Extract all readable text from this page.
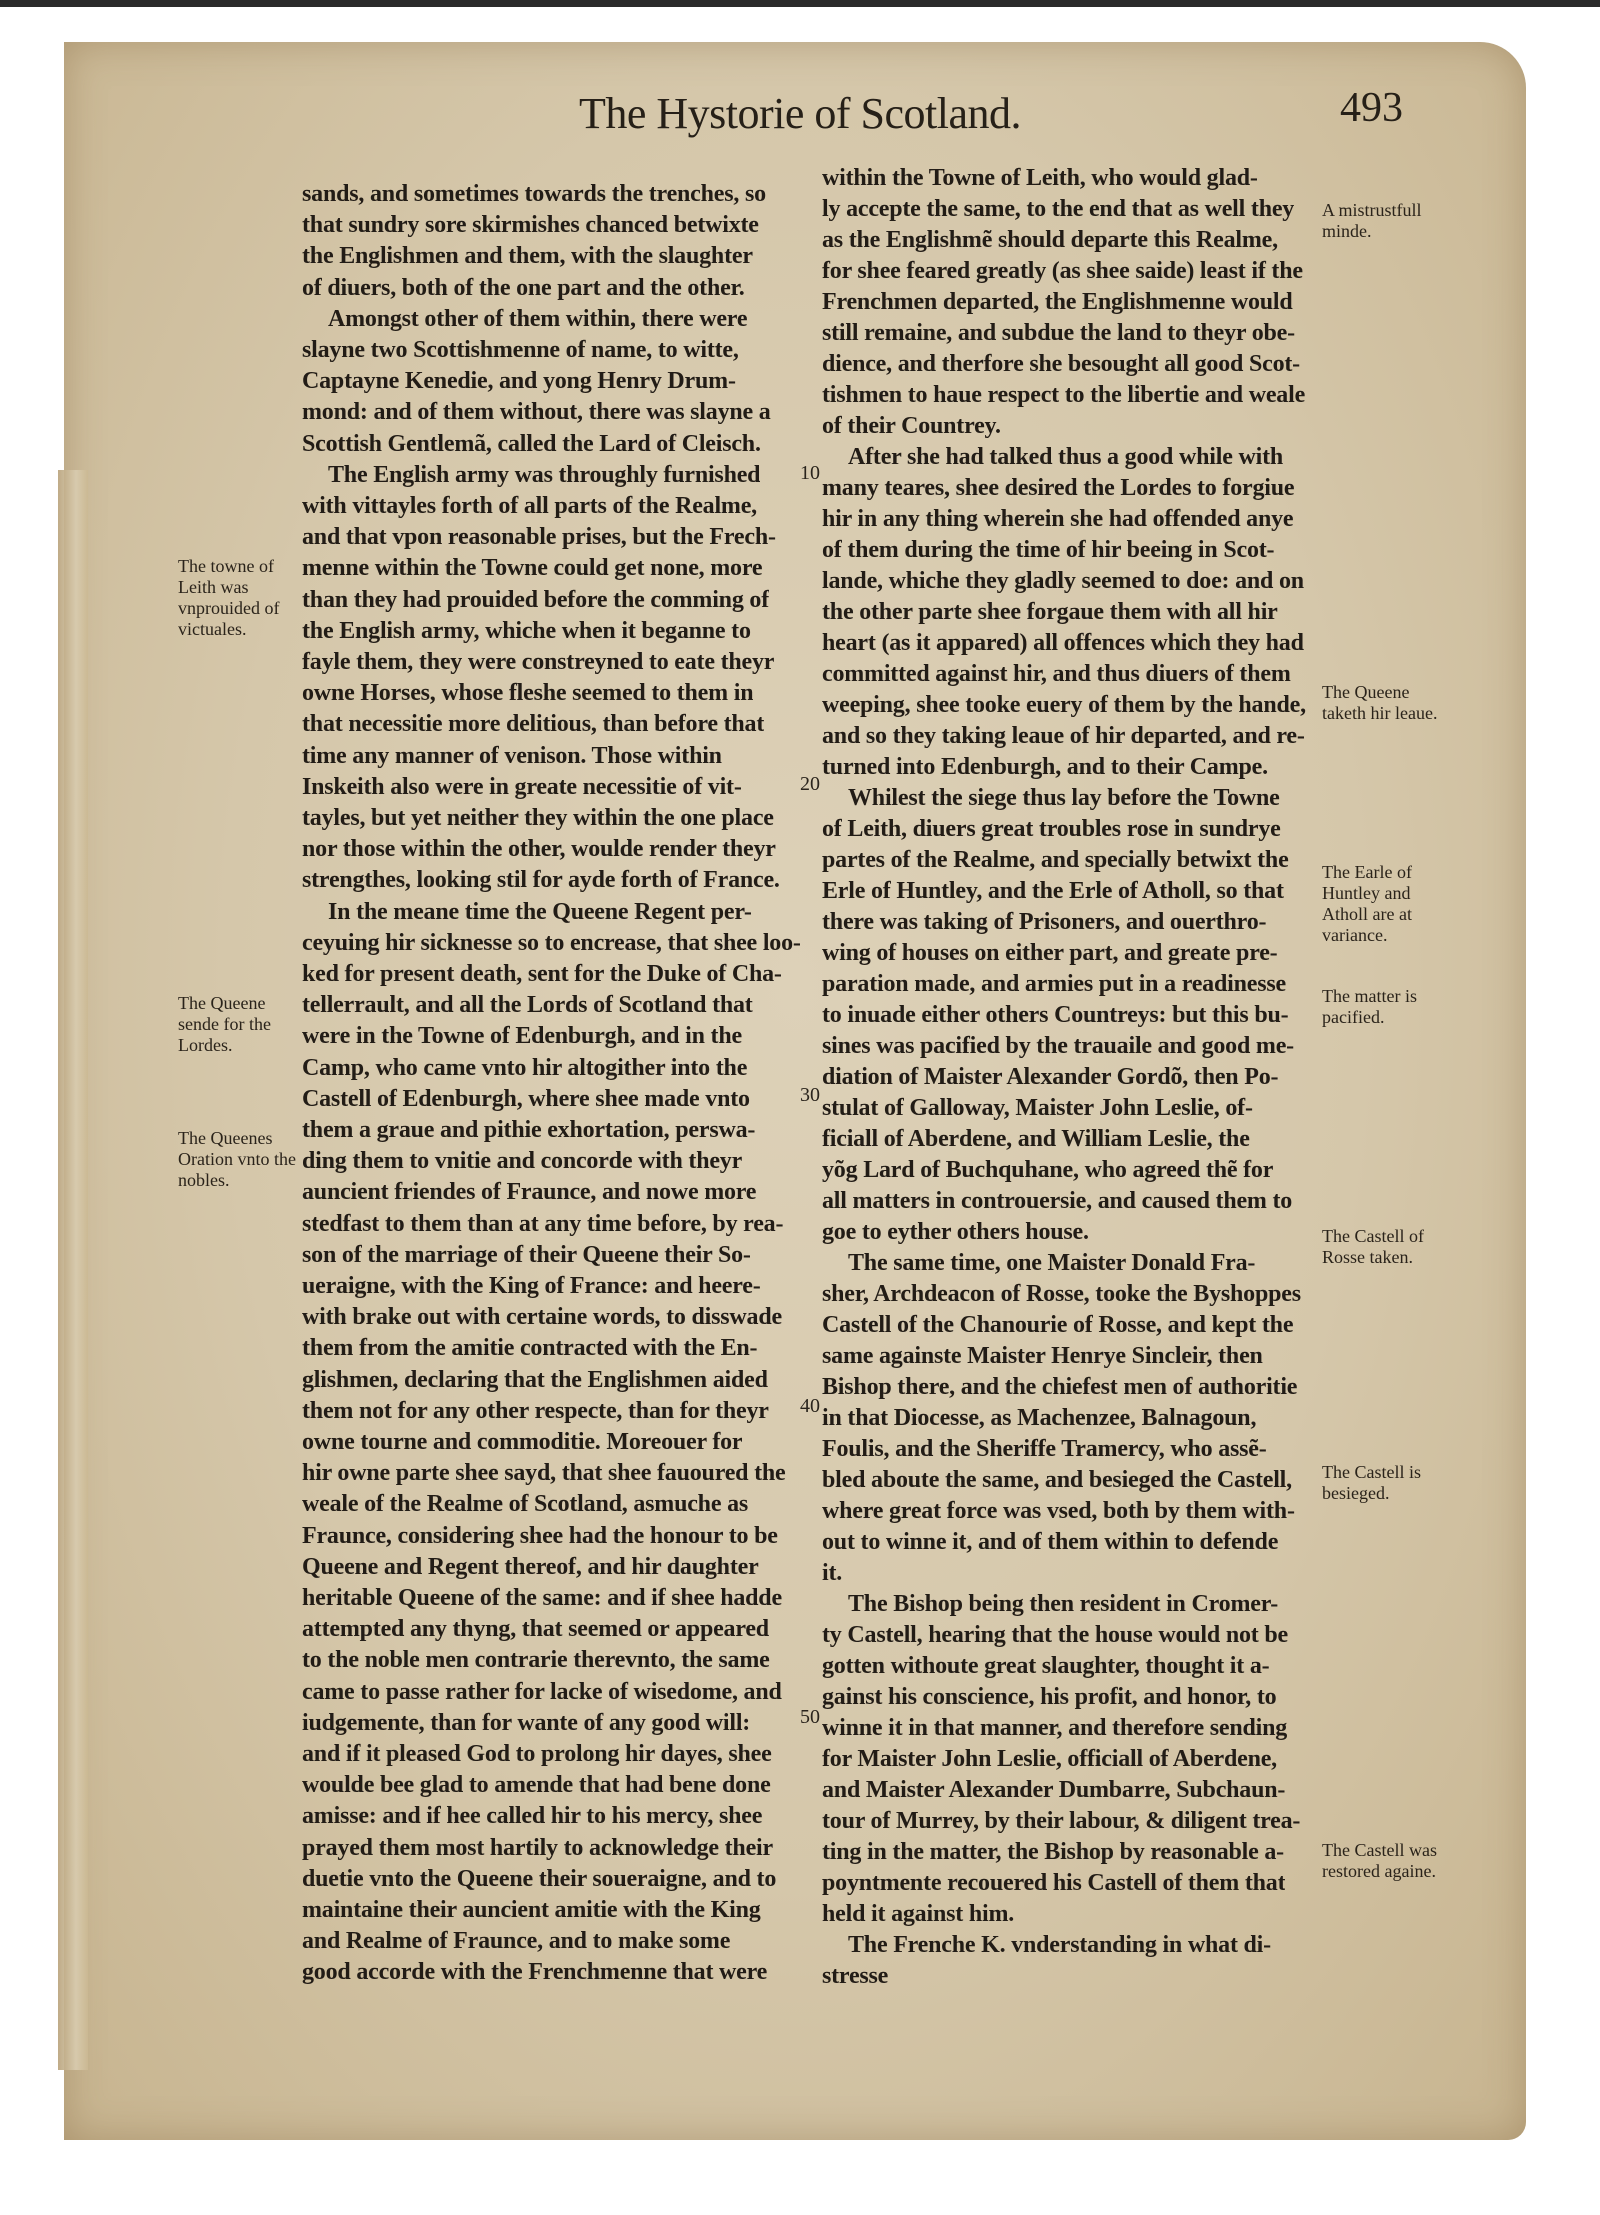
The Hystorie of Scotland.	493
sands, and sometimes towards the trenches, so
that sundry sore skirmishes chanced betwixte
the Englishmen and them, with the slaughter
of diuers, both of the one part and the other.
Amongst other of them within, there were
slayne two Scottishmenne of name, to witte,
Captayne Kenedie, and yong Henry Drum-
mond: and of them without, there was slayne a
Scottish Gentlemã, called the Lard of Cleisch.
The English army was throughly furnished
with vittayles forth of all parts of the Realme,
and that vpon reasonable prises, but the Frech-
menne within the Towne could get none, more
than they had prouided before the comming of
the English army, whiche when it beganne to
fayle them, they were constreyned to eate theyr
owne Horses, whose fleshe seemed to them in
that necessitie more delitious, than before that
time any manner of venison. Those within
Inskeith also were in greate necessitie of vit-
tayles, but yet neither they within the one place
nor those within the other, woulde render theyr
strengthes, looking stil for ayde forth of France.
In the meane time the Queene Regent per-
ceyuing hir sicknesse so to encrease, that shee loo-
ked for present death, sent for the Duke of Cha-
tellerrault, and all the Lords of Scotland that
were in the Towne of Edenburgh, and in the
Camp, who came vnto hir altogither into the
Castell of Edenburgh, where shee made vnto
them a graue and pithie exhortation, perswa-
ding them to vnitie and concorde with theyr
auncient friendes of Fraunce, and nowe more
stedfast to them than at any time before, by rea-
son of the marriage of their Queene their So-
ueraigne, with the King of France: and heere-
with brake out with certaine words, to disswade
them from the amitie contracted with the En-
glishmen, declaring that the Englishmen aided
them not for any other respecte, than for theyr
owne tourne and commoditie. Moreouer for
hir owne parte shee sayd, that shee fauoured the
weale of the Realme of Scotland, asmuche as
Fraunce, considering shee had the honour to be
Queene and Regent thereof, and hir daughter
heritable Queene of the same: and if shee hadde
attempted any thyng, that seemed or appeared
to the noble men contrarie therevnto, the same
came to passe rather for lacke of wisedome, and
iudgemente, than for wante of any good will:
and if it pleased God to prolong hir dayes, shee
woulde bee glad to amende that had bene done
amisse: and if hee called hir to his mercy, shee
prayed them most hartily to acknowledge their
duetie vnto the Queene their soueraigne, and to
maintaine their auncient amitie with the King
and Realme of Fraunce, and to make some
good accorde with the Frenchmenne that were
within the Towne of Leith, who would glad-
ly accepte the same, to the end that as well they
as the Englishmẽ should departe this Realme,
for shee feared greatly (as shee saide) least if the
Frenchmen departed, the Englishmenne would
still remaine, and subdue the land to theyr obe-
dience, and therfore she besought all good Scot-
tishmen to haue respect to the libertie and weale
of their Countrey.
After she had talked thus a good while with
many teares, shee desired the Lordes to forgiue
hir in any thing wherein she had offended anye
of them during the time of hir beeing in Scot-
lande, whiche they gladly seemed to doe: and on
the other parte shee forgaue them with all hir
heart (as it appared) all offences which they had
committed against hir, and thus diuers of them
weeping, shee tooke euery of them by the hande,
and so they taking leaue of hir departed, and re-
turned into Edenburgh, and to their Campe.
Whilest the siege thus lay before the Towne
of Leith, diuers great troubles rose in sundrye
partes of the Realme, and specially betwixt the
Erle of Huntley, and the Erle of Atholl, so that
there was taking of Prisoners, and ouerthro-
wing of houses on either part, and greate pre-
paration made, and armies put in a readinesse
to inuade either others Countreys: but this bu-
sines was pacified by the trauaile and good me-
diation of Maister Alexander Gordõ, then Po-
stulat of Galloway, Maister John Leslie, of-
ficiall of Aberdene, and William Leslie, the
yõg Lard of Buchquhane, who agreed thẽ for
all matters in controuersie, and caused them to
goe to eyther others house.
The same time, one Maister Donald Fra-
sher, Archdeacon of Rosse, tooke the Byshoppes
Castell of the Chanourie of Rosse, and kept the
same againste Maister Henrye Sincleir, then
Bishop there, and the chiefest men of authoritie
in that Diocesse, as Machenzee, Balnagoun,
Foulis, and the Sheriffe Tramercy, who assẽ-
bled aboute the same, and besieged the Castell,
where great force was vsed, both by them with-
out to winne it, and of them within to defende
it.
The Bishop being then resident in Cromer-
ty Castell, hearing that the house would not be
gotten withoute great slaughter, thought it a-
gainst his conscience, his profit, and honor, to
winne it in that manner, and therefore sending
for Maister John Leslie, officiall of Aberdene,
and Maister Alexander Dumbarre, Subchaun-
tour of Murrey, by their labour, & diligent trea-
ting in the matter, the Bishop by reasonable a-
poyntmente recouered his Castell of them that
held it against him.
The Frenche K. vnderstanding in what di-
stresse
10
20
30
40
50
The towne of Leith was vnprouided of victuales.
The Queene sende for the Lordes.
The Queenes Oration vnto the nobles.
A mistrustfull minde.
The Queene taketh hir leaue.
The Earle of Huntley and Atholl are at variance.
The matter is pacified.
The Castell of Rosse taken.
The Castell is besieged.
The Castell was restored againe.
